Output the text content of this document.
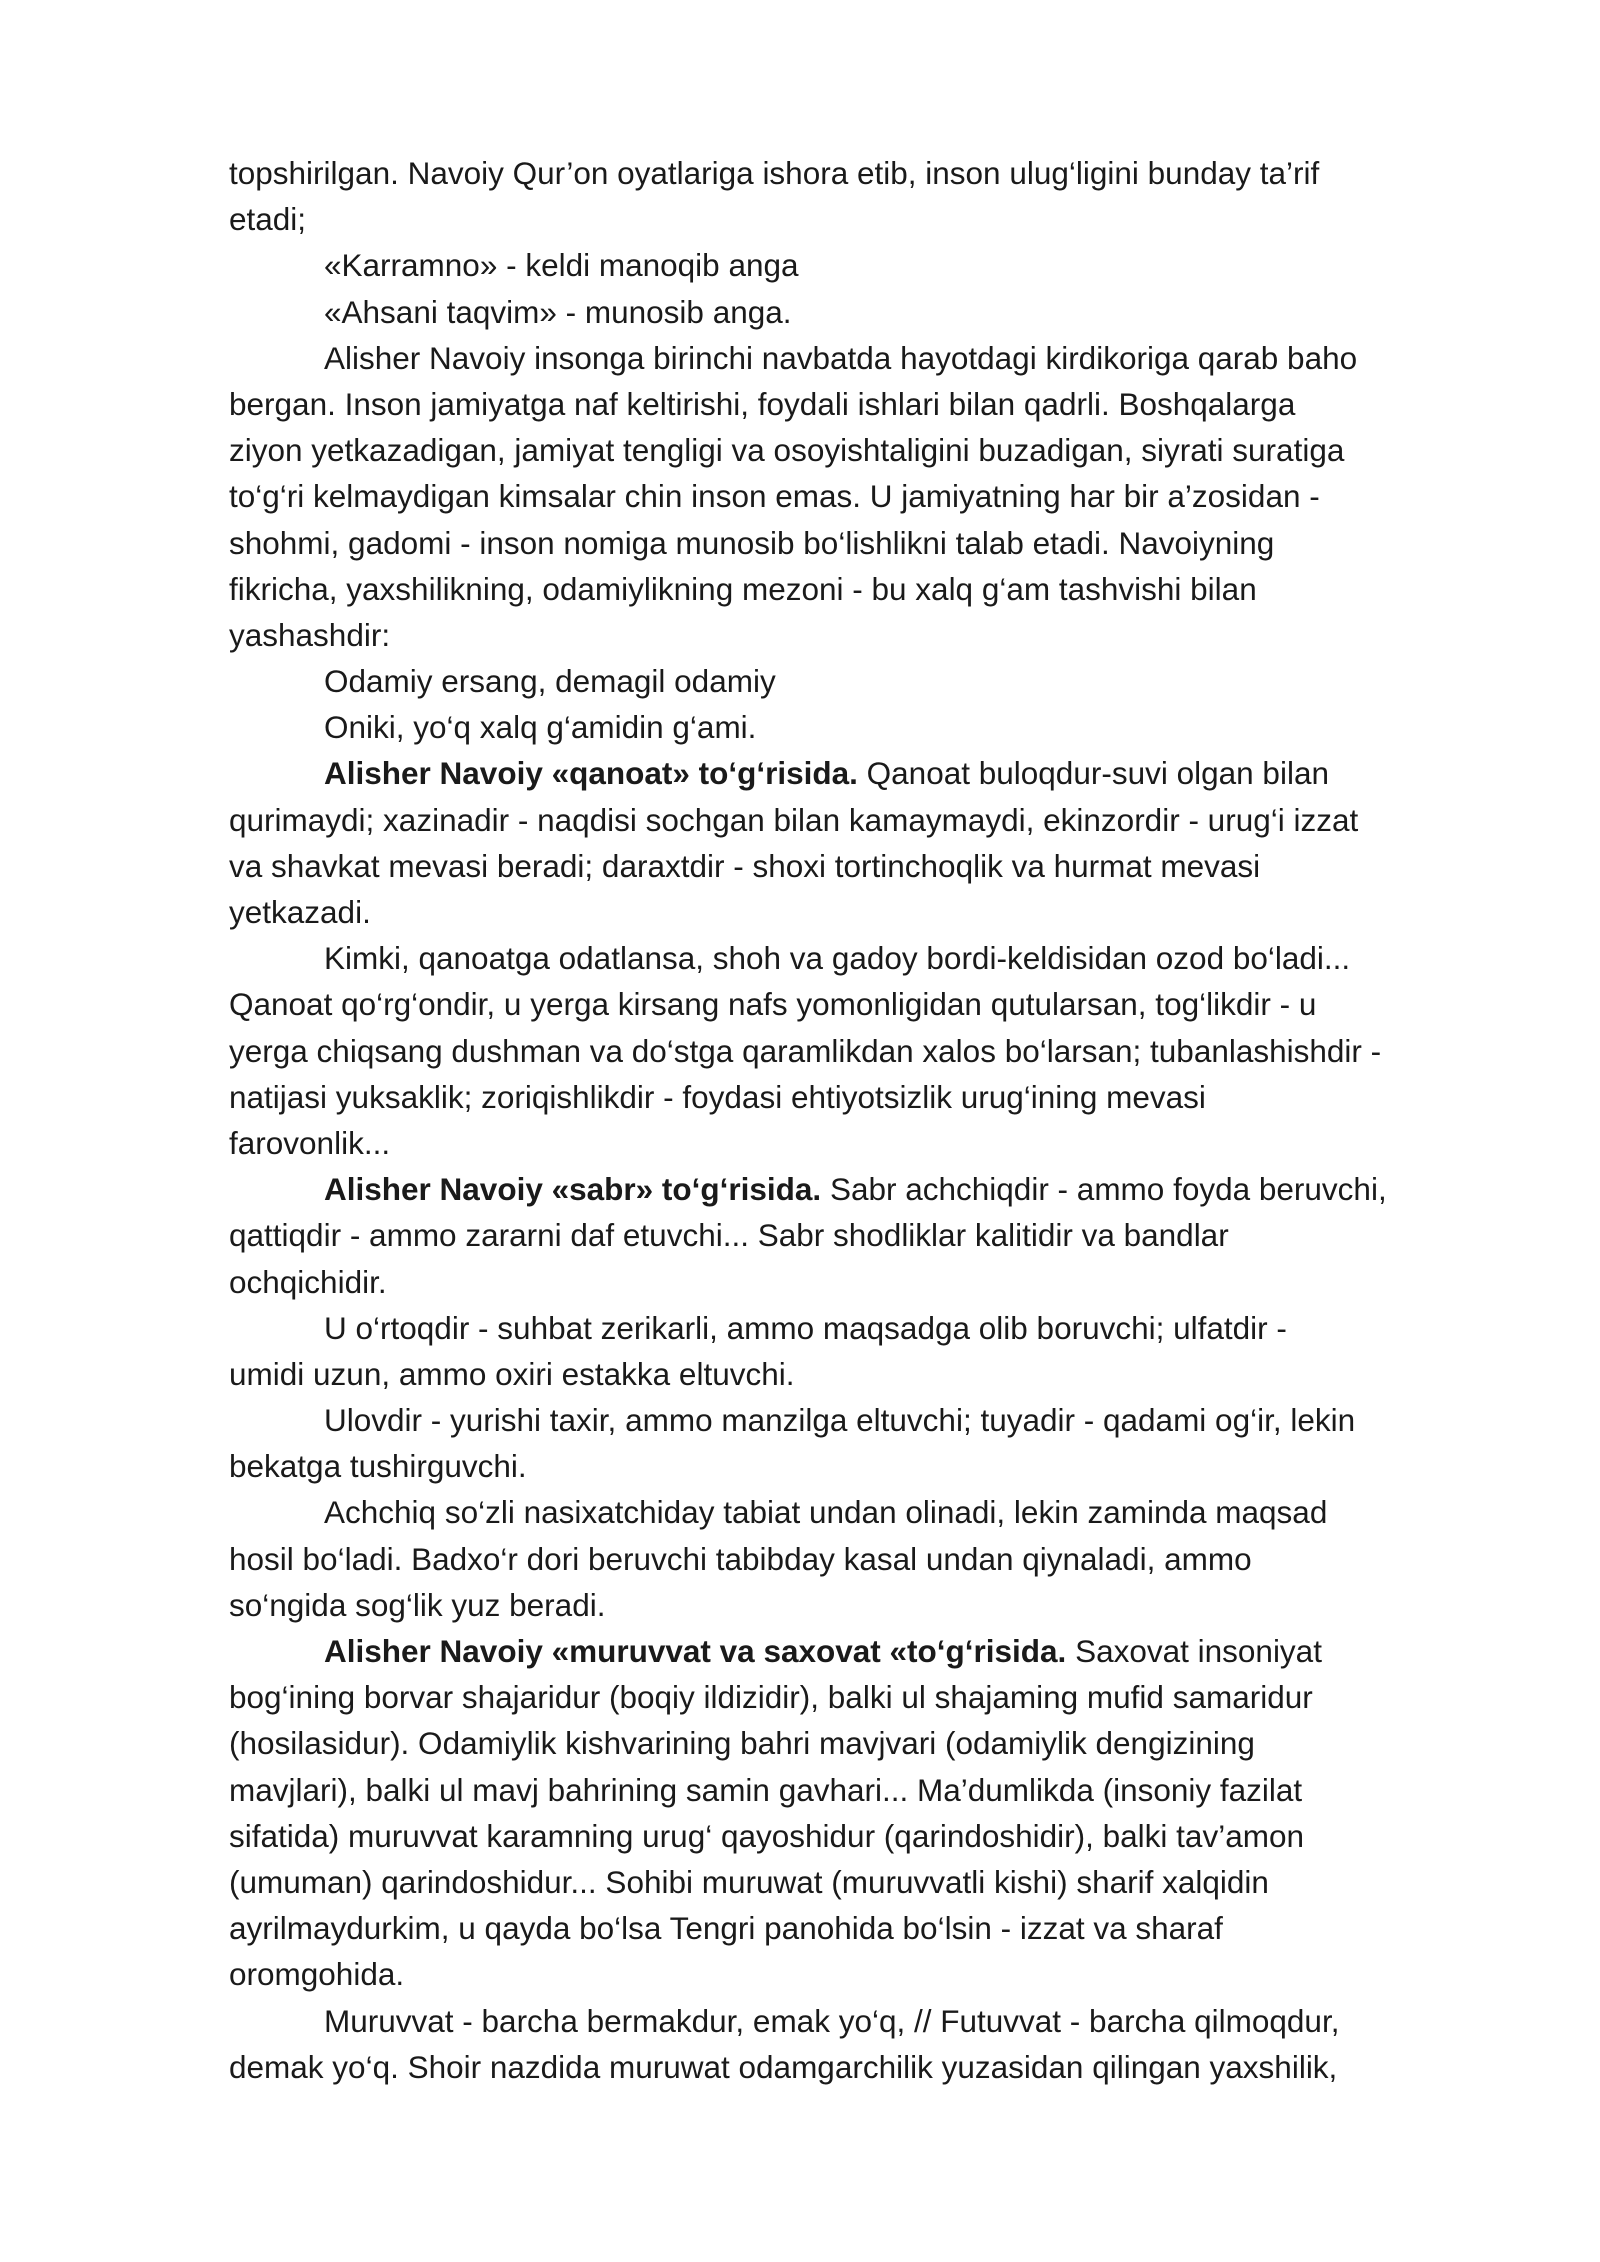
topshirilgan. Navoiy Qur’on oyatlariga ishora etib, inson ulug‘ligini bunday ta’rif
etadi;
«Karramno» - keldi manoqib anga
«Ahsani taqvim» - munosib anga.
Alisher Navoiy insonga birinchi navbatda hayotdagi kirdikoriga qarab baho
bergan. Inson jamiyatga naf keltirishi, foydali ishlari bilan qadrli. Boshqalarga
ziyon yetkazadigan, jamiyat tengligi va osoyishtaligini buzadigan, siyrati suratiga
to‘g‘ri kelmaydigan kimsalar chin inson emas. U jamiyatning har bir a’zosidan -
shohmi, gadomi - inson nomiga munosib bo‘lishlikni talab etadi. Navoiyning
fikricha, yaxshilikning, odamiylikning mezoni - bu xalq g‘am tashvishi bilan
yashashdir:
Odamiy ersang, demagil odamiy
Oniki, yo‘q xalq g‘amidin g‘ami.
Alisher Navoiy «qanoat» to‘g‘risida. Qanoat buloqdur-suvi olgan bilan
qurimaydi; xazinadir - naqdisi sochgan bilan kamaymaydi, ekinzordir - urug‘i izzat
va shavkat mevasi beradi; daraxtdir - shoxi tortinchoqlik va hurmat mevasi
yetkazadi.
Kimki, qanoatga odatlansa, shoh va gadoy bordi-keldisidan ozod bo‘ladi...
Qanoat qo‘rg‘ondir, u yerga kirsang nafs yomonligidan qutularsan, tog‘likdir - u
yerga chiqsang dushman va do‘stga qaramlikdan xalos bo‘larsan; tubanlashishdir -
natijasi yuksaklik; zoriqishlikdir - foydasi ehtiyotsizlik urug‘ining mevasi
farovonlik...
Alisher Navoiy «sabr» to‘g‘risida. Sabr achchiqdir - ammo foyda beruvchi,
qattiqdir - ammo zararni daf etuvchi... Sabr shodliklar kalitidir va bandlar
ochqichidir.
U o‘rtoqdir - suhbat zerikarli, ammo maqsadga olib boruvchi; ulfatdir -
umidi uzun, ammo oxiri estakka eltuvchi.
Ulovdir - yurishi taxir, ammo manzilga eltuvchi; tuyadir - qadami og‘ir, lekin
bekatga tushirguvchi.
Achchiq so‘zli nasixatchiday tabiat undan olinadi, lekin zaminda maqsad
hosil bo‘ladi. Badxo‘r dori beruvchi tabibday kasal undan qiynaladi, ammo
so‘ngida sog‘lik yuz beradi.
Alisher Navoiy «muruvvat va saxovat «to‘g‘risida. Saxovat insoniyat
bog‘ining borvar shajaridur (boqiy ildizidir), balki ul shajaming mufid samaridur
(hosilasidur). Odamiylik kishvarining bahri mavjvari (odamiylik dengizining
mavjlari), balki ul mavj bahrining samin gavhari... Ma’dumlikda (insoniy fazilat
sifatida) muruvvat karamning urug‘ qayoshidur (qarindoshidir), balki tav’amon
(umuman) qarindoshidur... Sohibi muruwat (muruvvatli kishi) sharif xalqidin
ayrilmaydurkim, u qayda bo‘lsa Tengri panohida bo‘lsin - izzat va sharaf
oromgohida.
Muruvvat - barcha bermakdur, emak yo‘q, // Futuvvat - barcha qilmoqdur,
demak yo‘q. Shoir nazdida muruwat odamgarchilik yuzasidan qilingan yaxshilik,
